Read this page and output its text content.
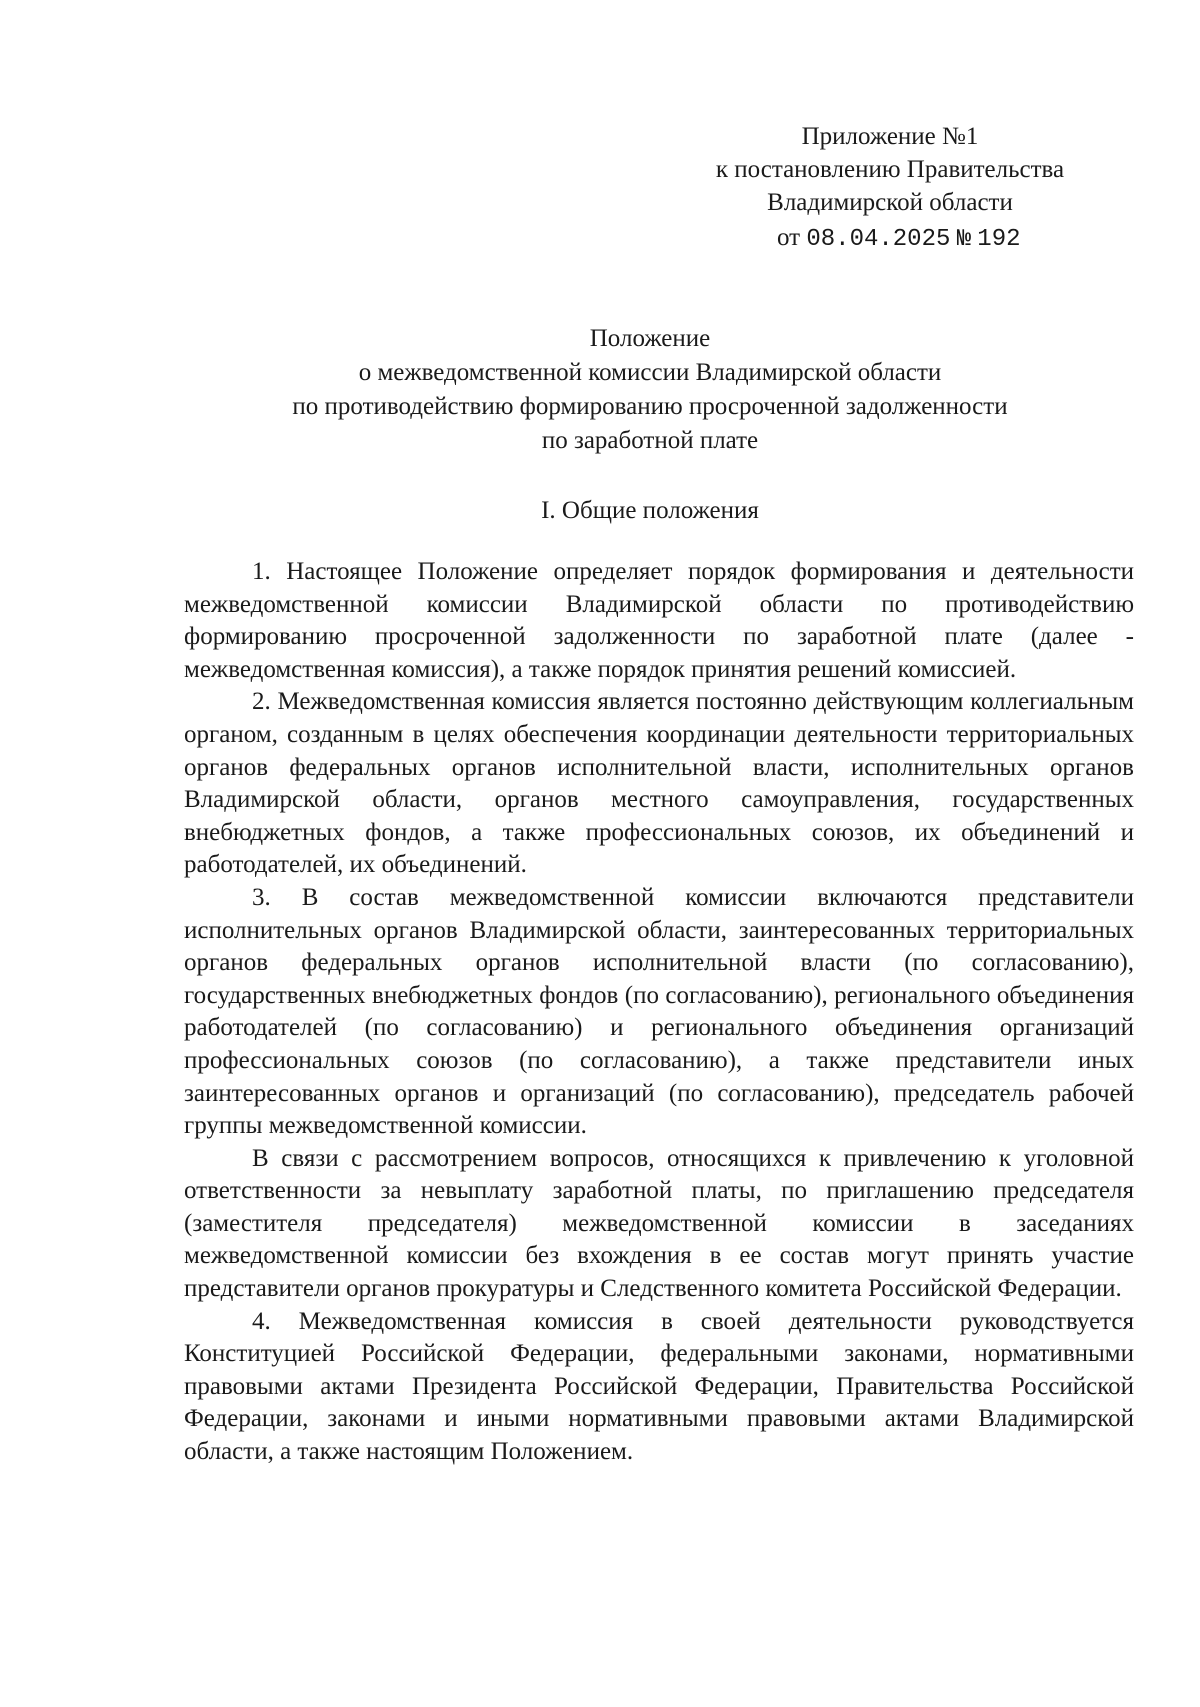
Приложение №1
к постановлению Правительства
Владимирской области
от 08.04.2025 № 192
Положение
о межведомственной комиссии Владимирской области
по противодействию формированию просроченной задолженности
по заработной плате
I. Общие положения

1. Настоящее Положение определяет порядок формирования и деятельности межведомственной комиссии Владимирской области по противодействию формированию просроченной задолженности по заработной плате (далее - межведомственная комиссия), а также порядок принятия решений комиссией.

2. Межведомственная комиссия является постоянно действующим коллегиальным органом, созданным в целях обеспечения координации деятельности территориальных органов федеральных органов исполнительной власти, исполнительных органов Владимирской области, органов местного самоуправления, государственных внебюджетных фондов, а также профессиональных союзов, их объединений и работодателей, их объединений.

3. В состав межведомственной комиссии включаются представители исполнительных органов Владимирской области, заинтересованных территориальных органов федеральных органов исполнительной власти (по согласованию), государственных внебюджетных фондов (по согласованию), регионального объединения работодателей (по согласованию) и регионального объединения организаций профессиональных союзов (по согласованию), а также представители иных заинтересованных органов и организаций (по согласованию), председатель рабочей группы межведомственной комиссии.

В связи с рассмотрением вопросов, относящихся к привлечению к уголовной ответственности за невыплату заработной платы, по приглашению председателя (заместителя председателя) межведомственной комиссии в заседаниях межведомственной комиссии без вхождения в ее состав могут принять участие представители органов прокуратуры и Следственного комитета Российской Федерации.

4. Межведомственная комиссия в своей деятельности руководствуется Конституцией Российской Федерации, федеральными законами, нормативными правовыми актами Президента Российской Федерации, Правительства Российской Федерации, законами и иными нормативными правовыми актами Владимирской области, а также настоящим Положением.
